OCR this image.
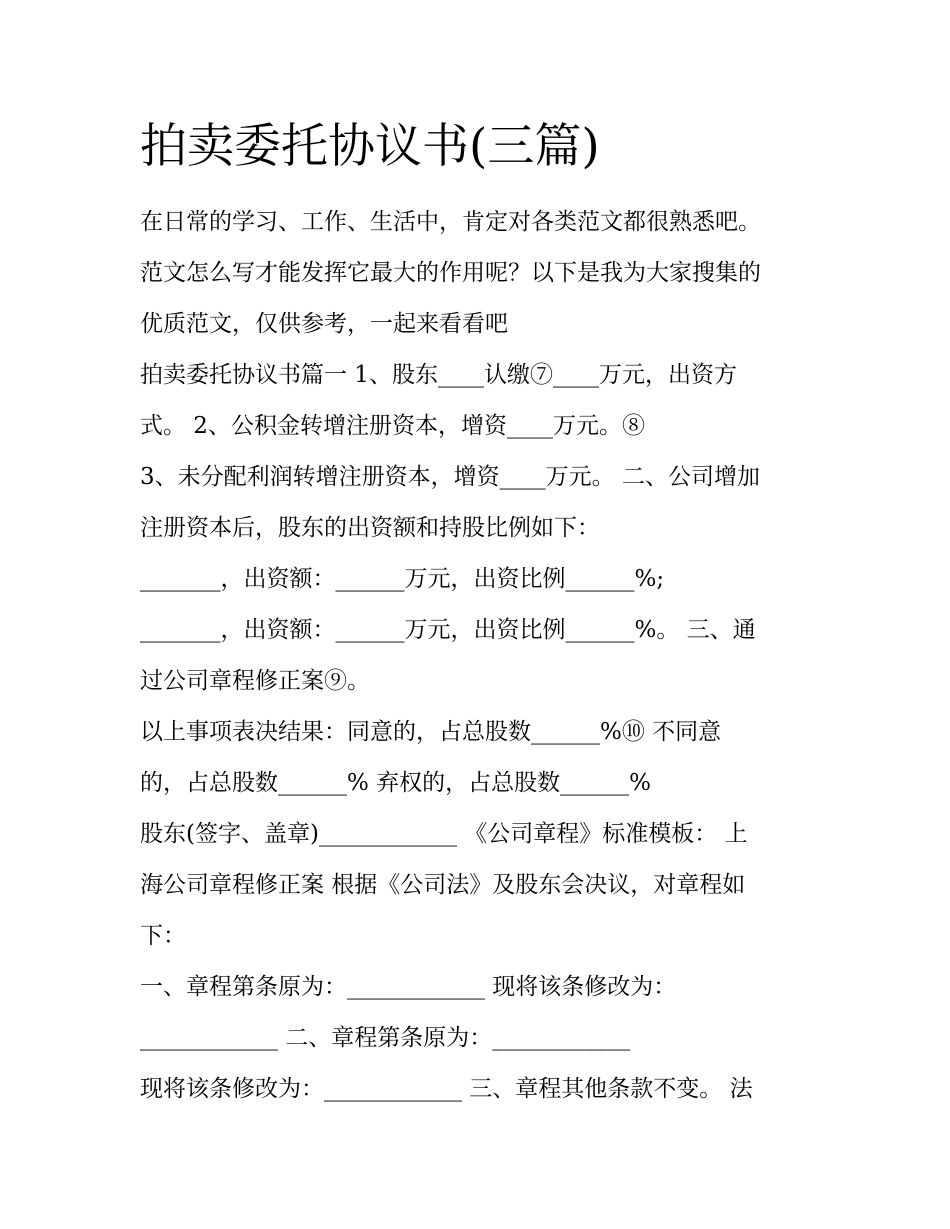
拍卖委托协议书(三篇)
在日常的学习、工作、生活中，肯定对各类范文都很熟悉吧。
范文怎么写才能发挥它最大的作用呢？以下是我为大家搜集的
优质范文，仅供参考，一起来看看吧
拍卖委托协议书篇一 1、股东____认缴⑦____万元，出资方
式。 2、公积金转增注册资本，增资____万元。⑧
3、未分配利润转增注册资本，增资____万元。 二、公司增加
注册资本后，股东的出资额和持股比例如下：
_______，出资额：______万元，出资比例______%;
_______，出资额：______万元，出资比例______%。 三、通
过公司章程修正案⑨。
以上事项表决结果：同意的，占总股数______%⑩ 不同意
的，占总股数______% 弃权的，占总股数______%
股东(签字、盖章)____________ 《公司章程》标准模板： 上
海公司章程修正案 根据《公司法》及股东会决议，对章程如
下：
一、章程第条原为：____________ 现将该条修改为：
____________ 二、章程第条原为：____________
现将该条修改为：____________ 三、章程其他条款不变。 法
